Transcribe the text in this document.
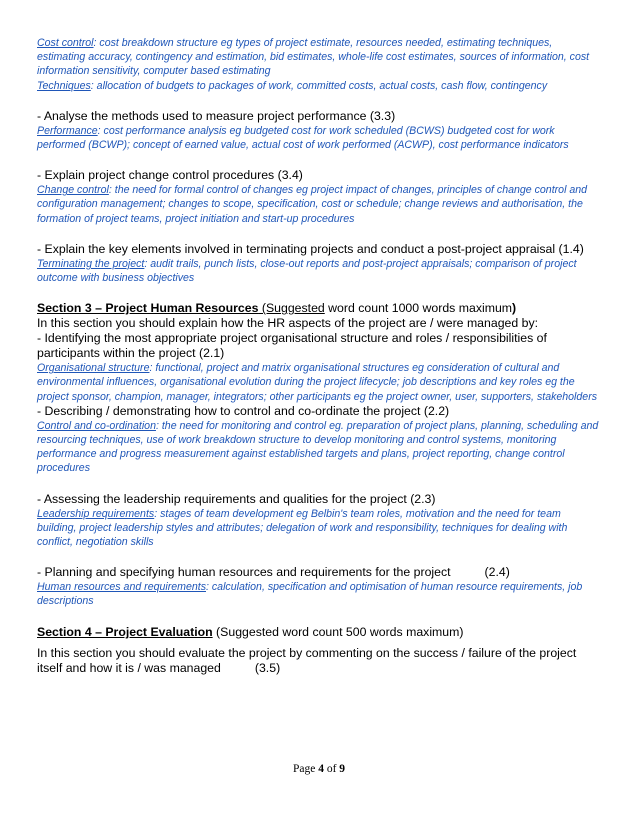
Cost control: cost breakdown structure eg types of project estimate, resources needed, estimating techniques, estimating accuracy, contingency and estimation, bid estimates, whole-life cost estimates, sources of information, cost information sensitivity, computer based estimating

Techniques: allocation of budgets to packages of work, committed costs, actual costs, cash flow, contingency

- Analyse the methods used to measure project performance (3.3)

Performance: cost performance analysis eg budgeted cost for work scheduled (BCWS) budgeted cost for work performed (BCWP); concept of earned value, actual cost of work performed (ACWP), cost performance indicators

- Explain project change control procedures (3.4)

Change control: the need for formal control of changes eg project impact of changes, principles of change control and configuration management; changes to scope, specification, cost or schedule; change reviews and authorisation, the formation of project teams, project initiation and start-up procedures

- Explain the key elements involved in terminating projects and conduct a post-project appraisal (1.4)

Terminating the project: audit trails, punch lists, close-out reports and post-project appraisals; comparison of project outcome with business objectives

Section 3 – Project Human Resources (Suggested word count 1000 words maximum)

In this section you should explain how the HR aspects of the project are / were managed by:

- Identifying the most appropriate project organisational structure and roles / responsibilities of participants within the project (2.1)

Organisational structure: functional, project and matrix organisational structures eg consideration of cultural and environmental influences, organisational evolution during the project lifecycle; job descriptions and key roles eg the project sponsor, champion, manager, integrators; other participants eg the project owner, user, supporters, stakeholders

- Describing / demonstrating how to control and co-ordinate the project (2.2)

Control and co-ordination: the need for monitoring and control eg. preparation of project plans, planning, scheduling and resourcing techniques, use of work breakdown structure to develop monitoring and control systems, monitoring performance and progress measurement against established targets and plans, project reporting, change control procedures

- Assessing the leadership requirements and qualities for the project (2.3)

Leadership requirements: stages of team development eg Belbin's team roles, motivation and the need for team building, project leadership styles and attributes; delegation of work and responsibility, techniques for dealing with conflict, negotiation skills

- Planning and specifying human resources and requirements for the project	(2.4)

Human resources and requirements: calculation, specification and optimisation of human resource requirements, job descriptions

Section 4 – Project Evaluation (Suggested word count 500 words maximum)

In this section you should evaluate the project by commenting on the success / failure of the project itself and how it is / was managed	(3.5)

Page 4 of 9
